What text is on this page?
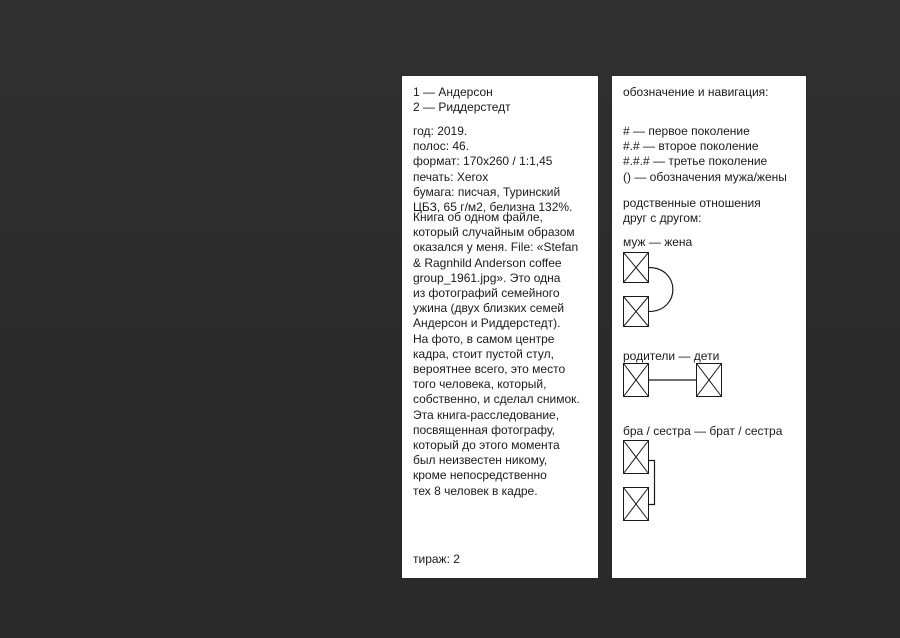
1 — Андерсон
2 — Риддерстедт
год: 2019.
полос: 46.
формат: 170x260 / 1:1,45
печать: Xerox
бумага: писчая, Туринский
ЦБЗ, 65 г/м2, белизна 132%.
Книга об одном файле,
который случайным образом
оказался у меня. File: «Stefan
& Ragnhild Anderson coffee
group_1961.jpg». Это одна
из фотографий семейного
ужина (двух близких семей
Андерсон и Риддерстедт).
На фото, в самом центре
кадра, стоит пустой стул,
вероятнее всего, это место
того человека, который,
собственно, и сделал снимок.
Эта книга-расследование,
посвященная фотографу,
который до этого момента
был неизвестен никому,
кроме непосредственно
тех 8 человек в кадре.
тираж: 2
обозначение и навигация:
# — первое поколение
#.# — второе поколение
#.#.# — третье поколение
() — обозначения мужа/жены
родственные отношения
друг с другом:
муж — жена
родители — дети
бра / сестра — брат / сестра
